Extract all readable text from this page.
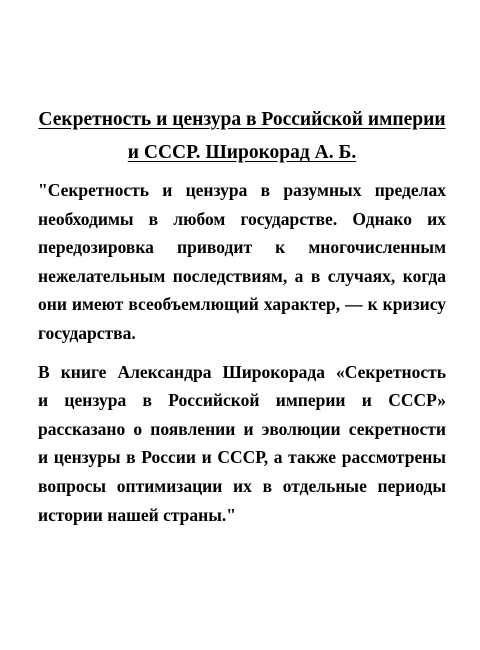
Секретность и цензура в Российской империи
и СССР. Широкорад А. Б.

"Секретность и цензура в разумных пределах
необходимы в любом государстве. Однако их
передозировка приводит к многочисленным
нежелательным последствиям, а в случаях, когда
они имеют всеобъемлющий характер, — к кризису
государства.

В книге Александра Широкорада «Секретность
и цензура в Российской империи и СССР»
рассказано о появлении и эволюции секретности
и цензуры в России и СССР, а также рассмотрены
вопросы оптимизации их в отдельные периоды
истории нашей страны."
